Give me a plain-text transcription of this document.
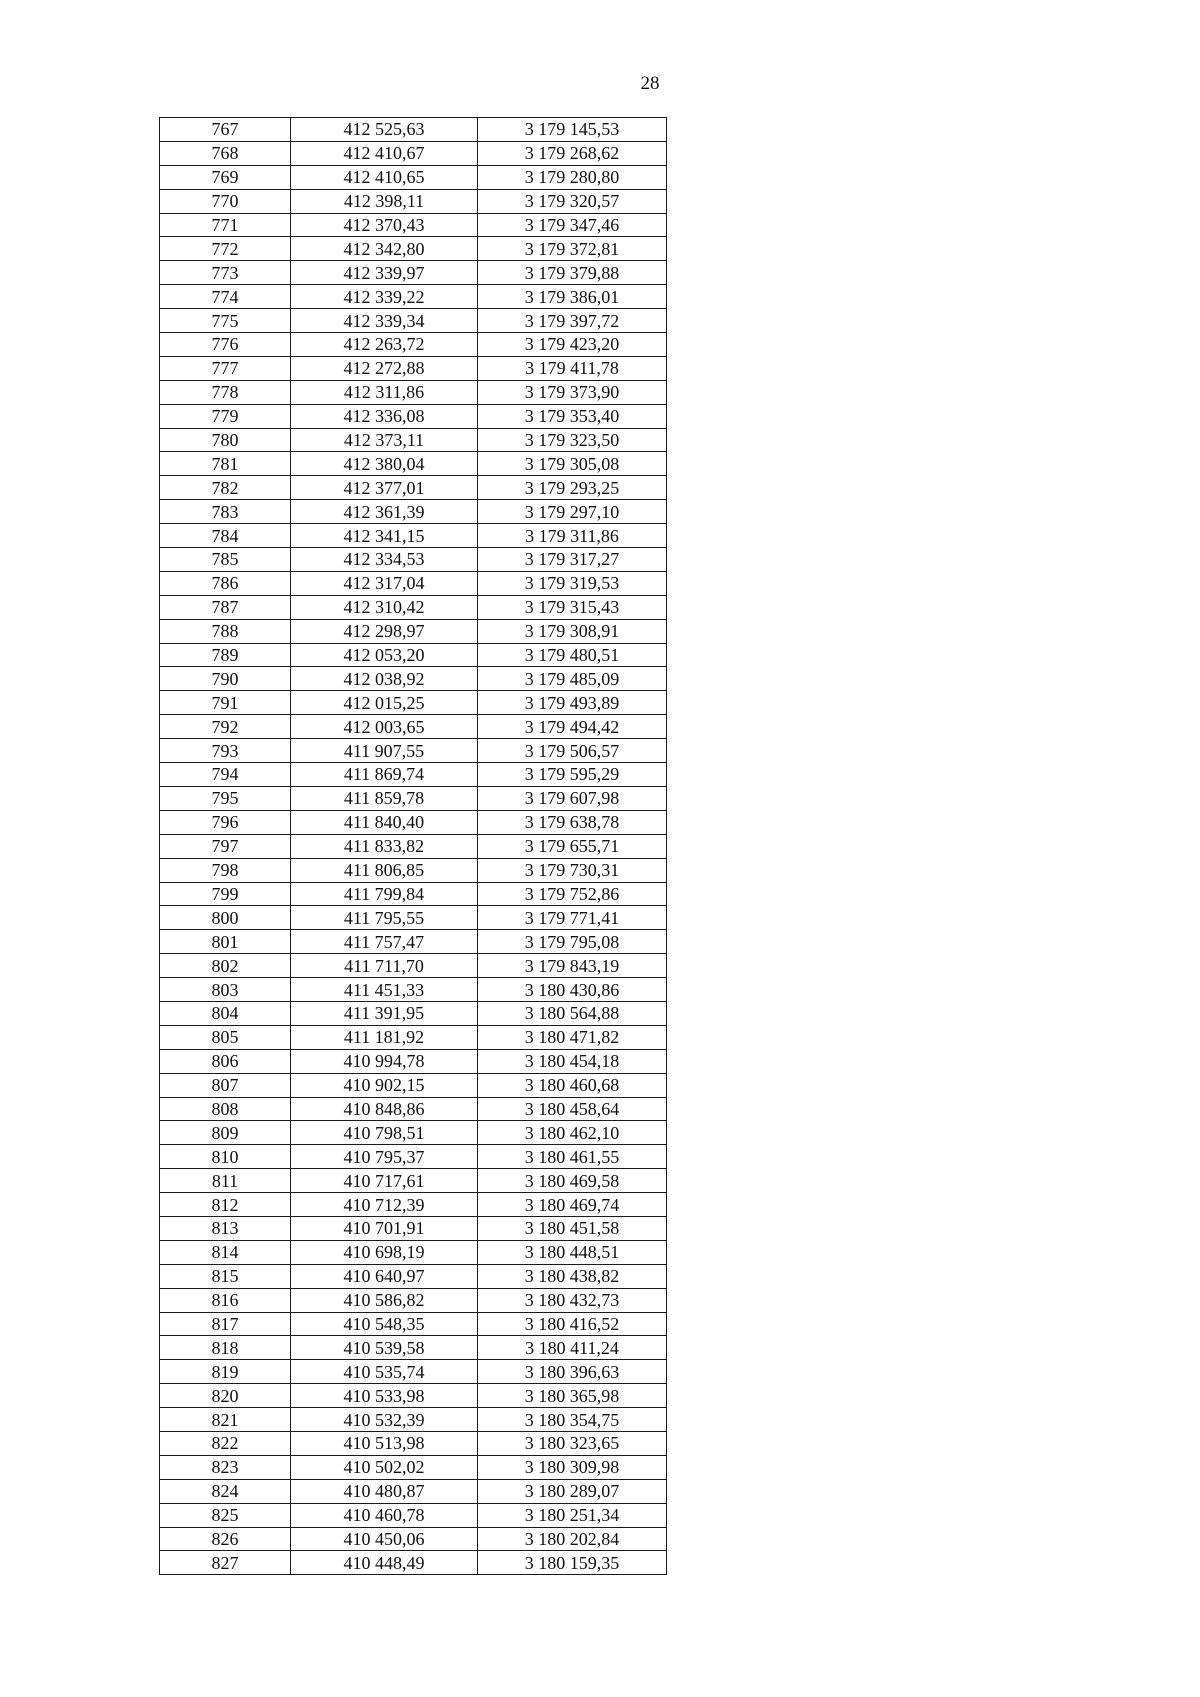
28
767	412 525,63	3 179 145,53
768	412 410,67	3 179 268,62
769	412 410,65	3 179 280,80
770	412 398,11	3 179 320,57
771	412 370,43	3 179 347,46
772	412 342,80	3 179 372,81
773	412 339,97	3 179 379,88
774	412 339,22	3 179 386,01
775	412 339,34	3 179 397,72
776	412 263,72	3 179 423,20
777	412 272,88	3 179 411,78
778	412 311,86	3 179 373,90
779	412 336,08	3 179 353,40
780	412 373,11	3 179 323,50
781	412 380,04	3 179 305,08
782	412 377,01	3 179 293,25
783	412 361,39	3 179 297,10
784	412 341,15	3 179 311,86
785	412 334,53	3 179 317,27
786	412 317,04	3 179 319,53
787	412 310,42	3 179 315,43
788	412 298,97	3 179 308,91
789	412 053,20	3 179 480,51
790	412 038,92	3 179 485,09
791	412 015,25	3 179 493,89
792	412 003,65	3 179 494,42
793	411 907,55	3 179 506,57
794	411 869,74	3 179 595,29
795	411 859,78	3 179 607,98
796	411 840,40	3 179 638,78
797	411 833,82	3 179 655,71
798	411 806,85	3 179 730,31
799	411 799,84	3 179 752,86
800	411 795,55	3 179 771,41
801	411 757,47	3 179 795,08
802	411 711,70	3 179 843,19
803	411 451,33	3 180 430,86
804	411 391,95	3 180 564,88
805	411 181,92	3 180 471,82
806	410 994,78	3 180 454,18
807	410 902,15	3 180 460,68
808	410 848,86	3 180 458,64
809	410 798,51	3 180 462,10
810	410 795,37	3 180 461,55
811	410 717,61	3 180 469,58
812	410 712,39	3 180 469,74
813	410 701,91	3 180 451,58
814	410 698,19	3 180 448,51
815	410 640,97	3 180 438,82
816	410 586,82	3 180 432,73
817	410 548,35	3 180 416,52
818	410 539,58	3 180 411,24
819	410 535,74	3 180 396,63
820	410 533,98	3 180 365,98
821	410 532,39	3 180 354,75
822	410 513,98	3 180 323,65
823	410 502,02	3 180 309,98
824	410 480,87	3 180 289,07
825	410 460,78	3 180 251,34
826	410 450,06	3 180 202,84
827	410 448,49	3 180 159,35
